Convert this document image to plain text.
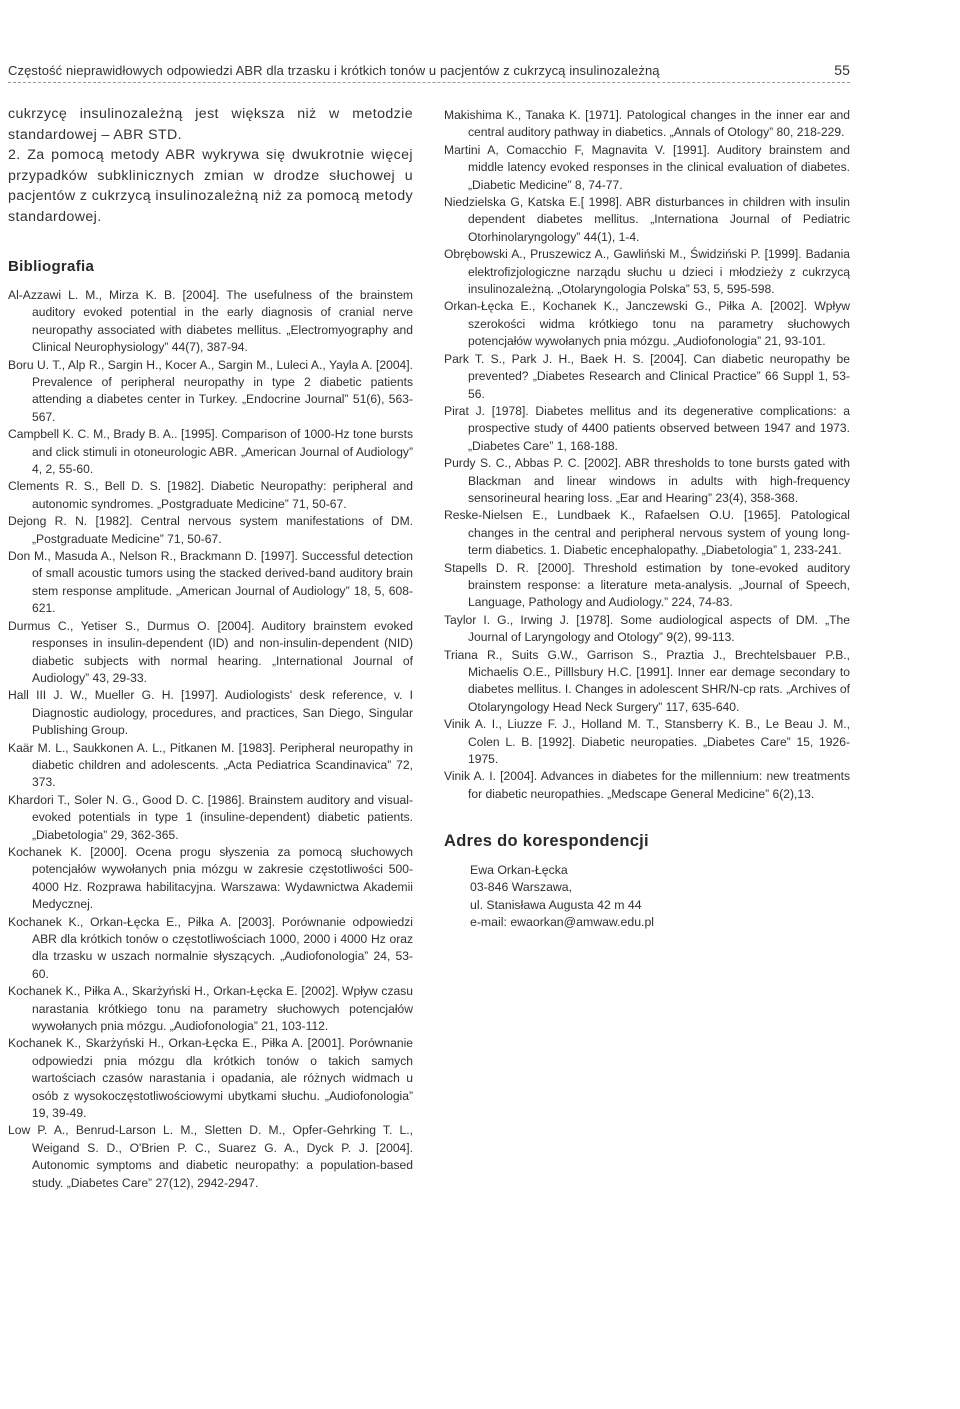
Częstość nieprawidłowych odpowiedzi ABR dla trzasku i krótkich tonów u pacjentów z cukrzycą insulinozależną	55

cukrzycę insulinozależną jest większa niż w metodzie standardowej – ABR STD.

2. Za pomocą metody ABR wykrywa się dwukrotnie więcej przypadków subklinicznych zmian w drodze słuchowej u pacjentów z cukrzycą insulinozależną niż za pomocą metody standardowej.

Bibliografia

Al-Azzawi L. M., Mirza K. B. [2004]. The usefulness of the brainstem auditory evoked potential in the early diagnosis of cranial nerve neuropathy associated with diabetes mellitus. „Electromyography and Clinical Neurophysiology” 44(7), 387-94.

Boru U. T., Alp R., Sargin H., Kocer A., Sargin M., Luleci A., Yayla A. [2004]. Prevalence of peripheral neuropathy in type 2 diabetic patients attending a diabetes center in Turkey. „Endocrine Journal” 51(6), 563-567.

Campbell K. C. M., Brady B. A.. [1995]. Comparison of 1000-Hz tone bursts and click stimuli in otoneurologic ABR. „American Journal of Audiology” 4, 2, 55-60.

Clements R. S., Bell D. S. [1982]. Diabetic Neuropathy: peripheral and autonomic syndromes. „Postgraduate Medicine” 71, 50-67.

Dejong R. N. [1982]. Central nervous system manifestations of DM. „Postgraduate Medicine” 71, 50-67.

Don M., Masuda A., Nelson R., Brackmann D. [1997]. Successful detection of small acoustic tumors using the stacked derived-band auditory brain stem response amplitude. „American Journal of Audiology” 18, 5, 608-621.

Durmus C., Yetiser S., Durmus O. [2004]. Auditory brainstem evoked responses in insulin-dependent (ID) and non-insulin-dependent (NID) diabetic subjects with normal hearing. „International Journal of Audiology” 43, 29-33.

Hall III J. W., Mueller G. H. [1997]. Audiologists' desk reference, v. I Diagnostic audiology, procedures, and practices, San Diego, Singular Publishing Group.

Kaär M. L., Saukkonen A. L., Pitkanen M. [1983]. Peripheral neuropathy in diabetic children and adolescents. „Acta Pediatrica Scandinavica” 72, 373.

Khardori T., Soler N. G., Good D. C. [1986]. Brainstem auditory and visual-evoked potentials in type 1 (insuline-dependent) diabetic patients. „Diabetologia” 29, 362-365.

Kochanek K. [2000]. Ocena progu słyszenia za pomocą słuchowych potencjałów wywołanych pnia mózgu w zakresie częstotliwości 500-4000 Hz. Rozprawa habilitacyjna. Warszawa: Wydawnictwa Akademii Medycznej.

Kochanek K., Orkan-Łęcka E., Piłka A. [2003]. Porównanie odpowiedzi ABR dla krótkich tonów o częstotliwościach 1000, 2000 i 4000 Hz oraz dla trzasku w uszach normalnie słyszących. „Audiofonologia” 24, 53-60.

Kochanek K., Piłka A., Skarżyński H., Orkan-Łęcka E. [2002]. Wpływ czasu narastania krótkiego tonu na parametry słuchowych potencjałów wywołanych pnia mózgu. „Audiofonologia” 21, 103-112.

Kochanek K., Skarżyński H., Orkan-Łęcka E., Piłka A. [2001]. Porównanie odpowiedzi pnia mózgu dla krótkich tonów o takich samych wartościach czasów narastania i opadania, ale różnych widmach u osób z wysokoczęstotliwościowymi ubytkami słuchu. „Audiofonologia” 19, 39-49.

Low P. A., Benrud-Larson L. M., Sletten D. M., Opfer-Gehrking T. L., Weigand S. D., O'Brien P. C., Suarez G. A., Dyck P. J. [2004]. Autonomic symptoms and diabetic neuropathy: a population-based study. „Diabetes Care” 27(12), 2942-2947.

Makishima K., Tanaka K. [1971]. Patological changes in the inner ear and central auditory pathway in diabetics. „Annals of Otology” 80, 218-229.

Martini A, Comacchio F, Magnavita V. [1991]. Auditory brainstem and middle latency evoked responses in the clinical evaluation of diabetes. „Diabetic Medicine” 8, 74-77.

Niedzielska G, Katska E.[ 1998]. ABR disturbances in children with insulin dependent diabetes mellitus. „Internationa Journal of Pediatric Otorhinolaryngology” 44(1), 1-4.

Obrębowski A., Pruszewicz A., Gawliński M., Świdziński P. [1999]. Badania elektrofizjologiczne narządu słuchu u dzieci i młodzieży z cukrzycą insulinozależną. „Otolaryngologia Polska” 53, 5, 595-598.

Orkan-Łęcka E., Kochanek K., Janczewski G., Piłka A. [2002]. Wpływ szerokości widma krótkiego tonu na parametry słuchowych potencjałów wywołanych pnia mózgu. „Audiofonologia” 21, 93-101.

Park T. S., Park J. H., Baek H. S. [2004]. Can diabetic neuropathy be prevented? „Diabetes Research and Clinical Practice” 66 Suppl 1, 53-56.

Pirat J. [1978]. Diabetes mellitus and its degenerative complications: a prospective study of 4400 patients observed between 1947 and 1973. „Diabetes Care” 1, 168-188.

Purdy S. C., Abbas P. C. [2002]. ABR thresholds to tone bursts gated with Blackman and linear windows in adults with high-frequency sensorineural hearing loss. „Ear and Hearing” 23(4), 358-368.

Reske-Nielsen E., Lundbaek K., Rafaelsen O.U. [1965]. Patological changes in the central and peripheral nervous system of young long-term diabetics. 1. Diabetic encephalopathy. „Diabetologia” 1, 233-241.

Stapells D. R. [2000]. Threshold estimation by tone-evoked auditory brainstem response: a literature meta-analysis. „Journal of Speech, Language, Pathology and Audiology.” 224, 74-83.

Taylor I. G., Irwing J. [1978]. Some audiological aspects of DM. „The Journal of Laryngology and Otology” 9(2), 99-113.

Triana R., Suits G.W., Garrison S., Praztia J., Brechtelsbauer P.B., Michaelis O.E., Pilllsbury H.C. [1991]. Inner ear demage secondary to diabetes mellitus. I. Changes in adolescent SHR/N-cp rats. „Archives of Otolaryngology Head Neck Surgery” 117, 635-640.

Vinik A. I., Liuzze F. J., Holland M. T., Stansberry K. B., Le Beau J. M., Colen L. B. [1992]. Diabetic neuropaties. „Diabetes Care” 15, 1926-1975.

Vinik A. I. [2004]. Advances in diabetes for the millennium: new treatments for diabetic neuropathies. „Medscape General Medicine” 6(2),13.

Adres do korespondencji

Ewa Orkan-Łęcka

03-846 Warszawa,

ul. Stanisława Augusta 42 m 44

e-mail: ewaorkan@amwaw.edu.pl
